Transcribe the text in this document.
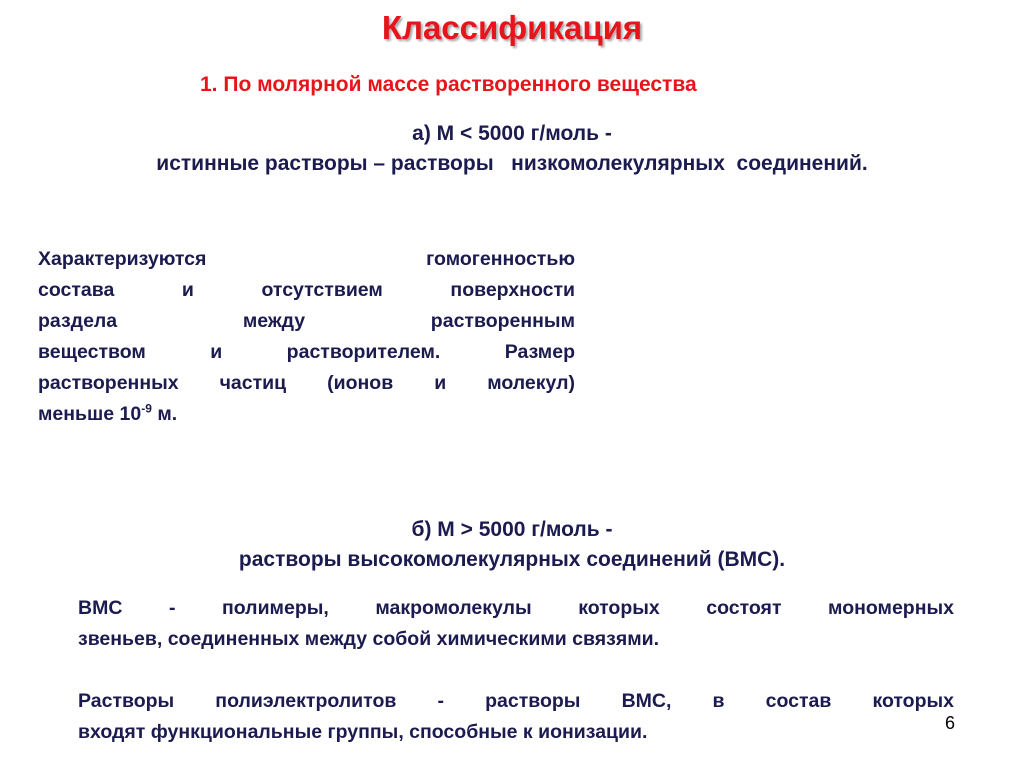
Классификация
1. По молярной массе растворенного вещества
а) М < 5000 г/моль -
истинные растворы – растворы   низкомолекулярных  соединений.
Характеризуются гомогенностью
состава и отсутствием поверхности
раздела между растворенным
веществом и растворителем. Размер
растворенных частиц (ионов и молекул)
меньше $10^{-9}$ м.
б) М > 5000 г/моль -
растворы высокомолекулярных соединений (ВМС).
ВМС - полимеры, макромолекулы которых состоят мономерных
звеньев, соединенных между собой химическими связями.
Растворы полиэлектролитов - растворы ВМС, в состав которых
входят функциональные группы, способные к ионизации.	6
